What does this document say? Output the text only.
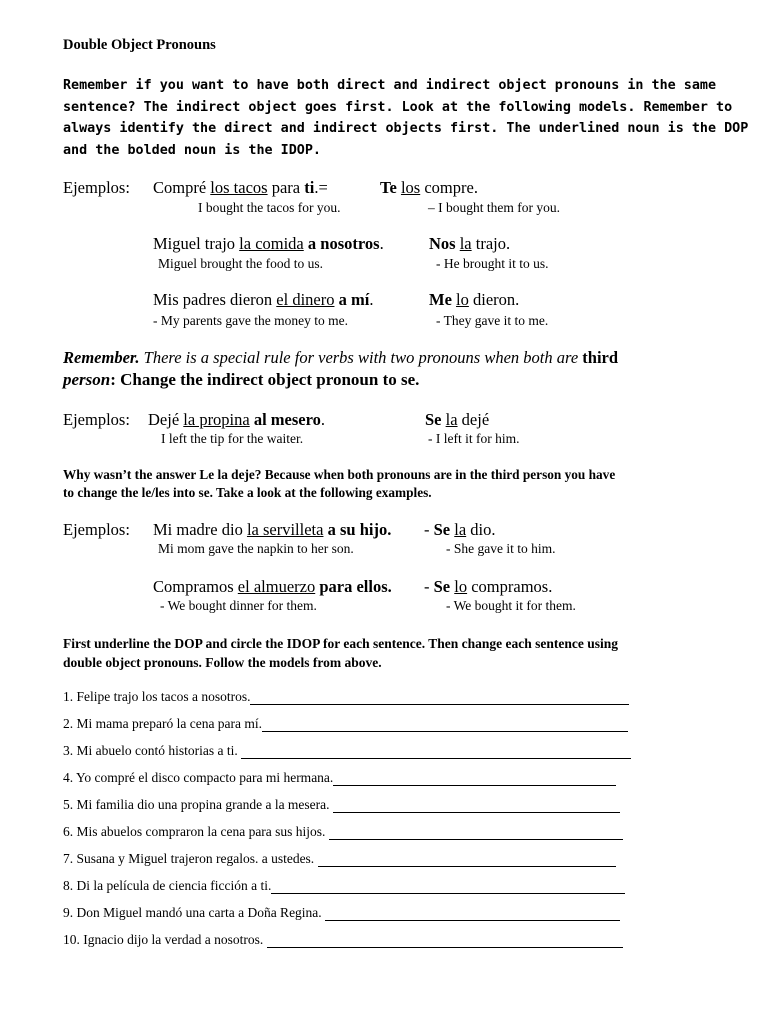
Double Object Pronouns
Remember if you want to have both direct and indirect object pronouns in the same
sentence? The indirect object goes first. Look at the following models. Remember to
always identify the direct and indirect objects first. The underlined noun is the DOP
and the bolded noun is the IDOP.
Ejemplos: Compré los tacos para ti.=
I bought the tacos for you.
Te los compre.
– I bought them for you.
Miguel trajo la comida a nosotros.
Miguel brought the food to us.
Nos la trajo.
- He brought it to us.
Mis padres dieron el dinero a mí.
- My parents gave the money to me.
Me lo dieron.
- They gave it to me.
Remember. There is a special rule for verbs with two pronouns when both are third
person: Change the indirect object pronoun to se.
Ejemplos: Dejé la propina al mesero.
I left the tip for the waiter.
Se la dejé
- I left it for him.
Why wasn’t the answer Le la deje? Because when both pronouns are in the third person you have
to change the le/les into se. Take a look at the following examples.
Ejemplos: Mi madre dio la servilleta a su hijo.
Mi mom gave the napkin to her son.
- Se la dio.
- She gave it to him.
Compramos el almuerzo para ellos.
- We bought dinner for them.
- Se lo compramos.
- We bought it for them.
First underline the DOP and circle the IDOP for each sentence. Then change each sentence using
double object pronouns. Follow the models from above.
1. Felipe trajo los tacos a nosotros.
2. Mi mama preparó la cena para mí.
3. Mi abuelo contó historias a ti.
4. Yo compré el disco compacto para mi hermana.
5. Mi familia dio una propina grande a la mesera.
6. Mis abuelos compraron la cena para sus hijos.
7. Susana y Miguel trajeron regalos. a ustedes.
8. Di la película de ciencia ficción a ti.
9. Don Miguel mandó una carta a Doña Regina.
10. Ignacio dijo la verdad a nosotros.
